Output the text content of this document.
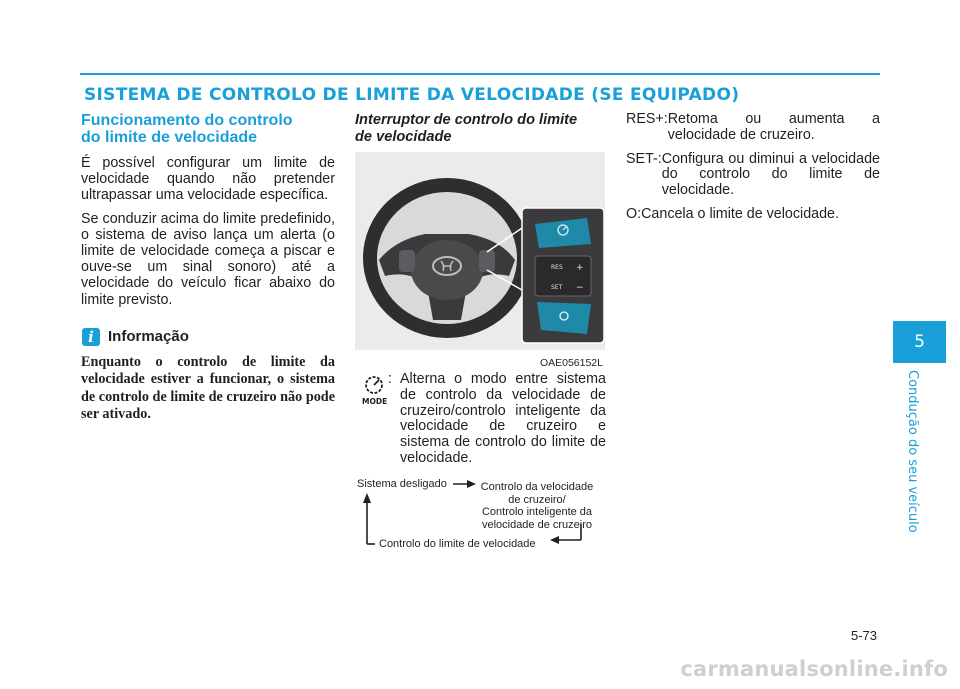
SISTEMA DE CONTROLO DE LIMITE DA VELOCIDADE (SE EQUIPADO)
Funcionamento do controlo
do limite de velocidade

É possível configurar um limite de velocidade quando não pretender ultrapassar uma velocidade específica.

Se conduzir acima do limite predefinido, o sistema de aviso lança um alerta (o limite de velocidade começa a piscar e ouve-se um sinal sonoro) até a velocidade do veículo ficar abaixo do limite previsto.

i Informação

Enquanto o controlo de limite da velocidade estiver a funcionar, o sistema de controlo de limite de cruzeiro não pode ser ativado.

Interruptor de controlo do limite
de velocidade
RES +
SET −
OAE056152L
MODE

: Alterna o modo entre sistema de controlo da velocidade de cruzeiro/controlo inteligente da velocidade de cruzeiro e sistema de controlo do limite de velocidade.

Sistema desligado	Controlo da velocidade
de cruzeiro/
Controlo inteligente da
velocidade de cruzeiro
Controlo do limite de velocidade
RES+: Retoma ou aumenta a velocidade de cruzeiro.
SET-: Configura ou diminui a velocidade do controlo do limite de velocidade.
O: Cancela o limite de velocidade.
5
Condução do seu veículo
5-73
carmanualsonline.info
